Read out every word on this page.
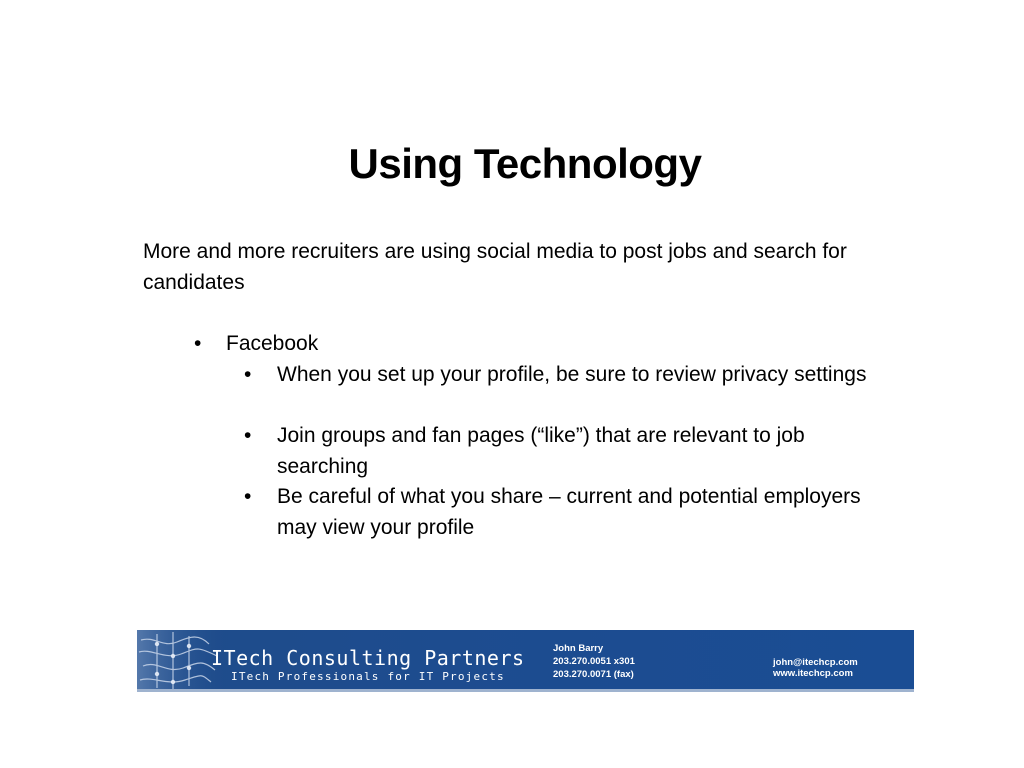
Using Technology
More and more recruiters are using social media to post jobs and search for candidates
• Facebook
• When you set up your profile, be sure to review privacy settings
• Join groups and fan pages (“like”) that are relevant to job searching
• Be careful of what you share – current and potential employers may view your profile
ITech Consulting Partners
ITech Professionals for IT Projects
John Barry
203.270.0051 x301
203.270.0071 (fax)
john@itechcp.com
www.itechcp.com
